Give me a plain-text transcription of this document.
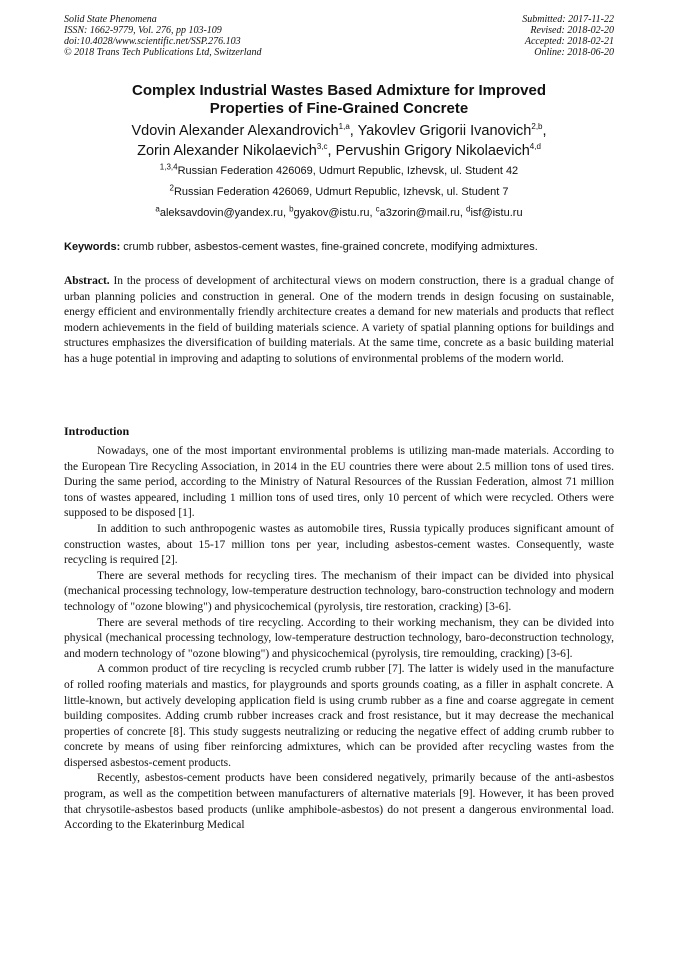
Solid State Phenomena
ISSN: 1662-9779, Vol. 276, pp 103-109
doi:10.4028/www.scientific.net/SSP.276.103
© 2018 Trans Tech Publications Ltd, Switzerland
Submitted: 2017-11-22
Revised: 2018-02-20
Accepted: 2018-02-21
Online: 2018-06-20
Complex Industrial Wastes Based Admixture for Improved
Properties of Fine-Grained Concrete
Vdovin Alexander Alexandrovich$^{1,a}$, Yakovlev Grigorii Ivanovich$^{2,b}$,
Zorin Alexander Nikolaevich$^{3,c}$, Pervushin Grigory Nikolaevich$^{4,d}$
$^{1,3,4}$Russian Federation 426069, Udmurt Republic, Izhevsk, ul. Student 42
$^2$Russian Federation 426069, Udmurt Republic, Izhevsk, ul. Student 7
$^a$aleksavdovin@yandex.ru, $^b$gyakov@istu.ru, $^c$a3zorin@mail.ru, $^d$isf@istu.ru
Keywords: crumb rubber, asbestos-cement wastes, fine-grained concrete, modifying admixtures.
Abstract. In the process of development of architectural views on modern construction, there is a gradual change of urban planning policies and construction in general. One of the modern trends in design focusing on sustainable, energy efficient and environmentally friendly architecture creates a demand for new materials and products that reflect modern achievements in the field of building materials science. A variety of spatial planning options for buildings and structures emphasizes the diversification of building materials. At the same time, concrete as a basic building material has a huge potential in improving and adapting to solutions of environmental problems of the modern world.
Introduction

Nowadays, one of the most important environmental problems is utilizing man-made materials. According to the European Tire Recycling Association, in 2014 in the EU countries there were about 2.5 million tons of used tires. During the same period, according to the Ministry of Natural Resources of the Russian Federation, almost 71 million tons of wastes appeared, including 1 million tons of used tires, only 10 percent of which were recycled. Others were supposed to be disposed [1].

In addition to such anthropogenic wastes as automobile tires, Russia typically produces significant amount of construction wastes, about 15-17 million tons per year, including asbestos-cement wastes. Consequently, waste recycling is required [2].

There are several methods for recycling tires. The mechanism of their impact can be divided into physical (mechanical processing technology, low-temperature destruction technology, baro-construction technology and modern technology of "ozone blowing") and physicochemical (pyrolysis, tire restoration, cracking) [3-6].

There are several methods of tire recycling. According to their working mechanism, they can be divided into physical (mechanical processing technology, low-temperature destruction technology, baro-deconstruction technology, and modern technology of "ozone blowing") and physicochemical (pyrolysis, tire remoulding, cracking) [3-6].

A common product of tire recycling is recycled crumb rubber [7]. The latter is widely used in the manufacture of rolled roofing materials and mastics, for playgrounds and sports grounds coating, as a filler in asphalt concrete. A little-known, but actively developing application field is using crumb rubber as a fine and coarse aggregate in cement building composites. Adding crumb rubber increases crack and frost resistance, but it may decrease the mechanical properties of concrete [8]. This study suggests neutralizing or reducing the negative effect of adding crumb rubber to concrete by means of using fiber reinforcing admixtures, which can be provided after recycling wastes from the dispersed asbestos-cement products.

Recently, asbestos-cement products have been considered negatively, primarily because of the anti-asbestos program, as well as the competition between manufacturers of alternative materials [9]. However, it has been proved that chrysotile-asbestos based products (unlike amphibole-asbestos) do not present a dangerous environmental load. According to the Ekaterinburg Medical
